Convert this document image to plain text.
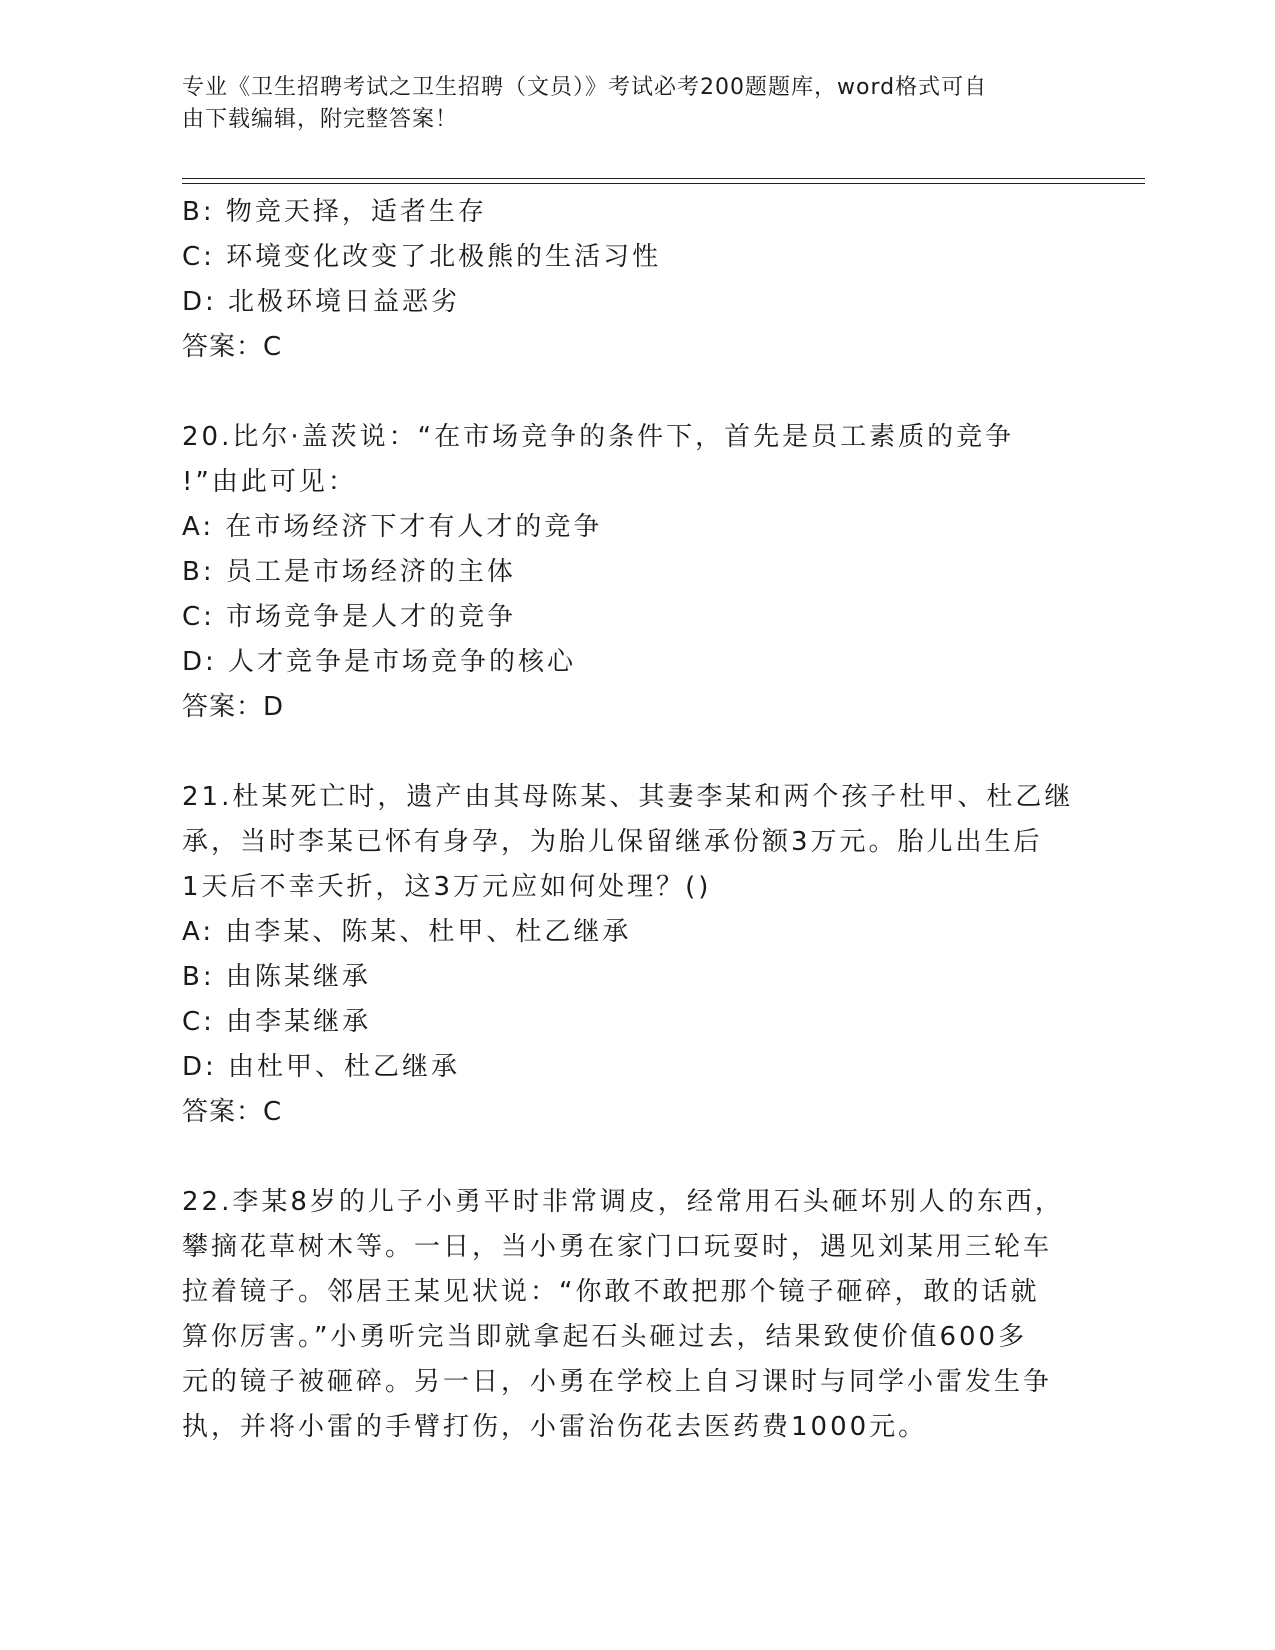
专业《卫生招聘考试之卫生招聘（文员）》考试必考200题题库，word格式可自
由下载编辑，附完整答案！
B: 物竞天择，适者生存
C: 环境变化改变了北极熊的生活习性
D: 北极环境日益恶劣
答案：C
20.比尔·盖茨说：“在市场竞争的条件下，首先是员工素质的竞争
!”由此可见：
A: 在市场经济下才有人才的竞争
B: 员工是市场经济的主体
C: 市场竞争是人才的竞争
D: 人才竞争是市场竞争的核心
答案：D
21.杜某死亡时，遗产由其母陈某、其妻李某和两个孩子杜甲、杜乙继
承，当时李某已怀有身孕，为胎儿保留继承份额3万元。胎儿出生后
1天后不幸夭折，这3万元应如何处理？()
A: 由李某、陈某、杜甲、杜乙继承
B: 由陈某继承
C: 由李某继承
D: 由杜甲、杜乙继承
答案：C
22.李某8岁的儿子小勇平时非常调皮，经常用石头砸坏别人的东西，
攀摘花草树木等。一日，当小勇在家门口玩耍时，遇见刘某用三轮车
拉着镜子。邻居王某见状说：“你敢不敢把那个镜子砸碎，敢的话就
算你厉害。”小勇听完当即就拿起石头砸过去，结果致使价值600多
元的镜子被砸碎。另一日，小勇在学校上自习课时与同学小雷发生争
执，并将小雷的手臂打伤，小雷治伤花去医药费1000元。
